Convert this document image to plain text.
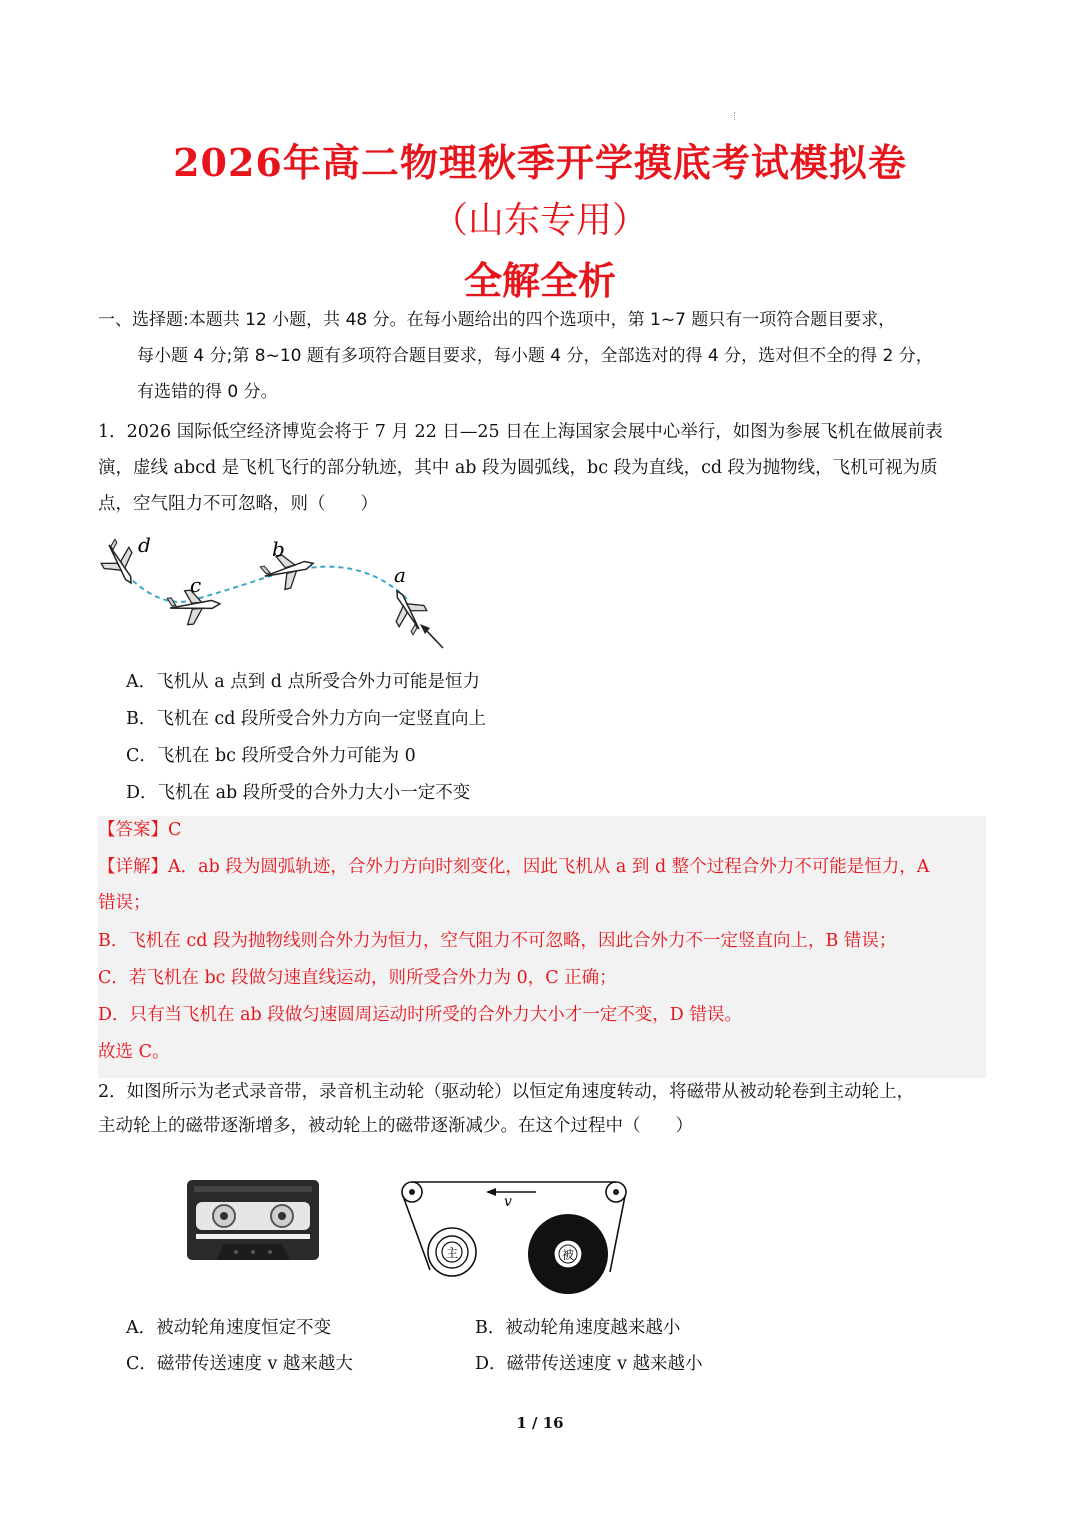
2026年高二物理秋季开学摸底考试模拟卷
（山东专用）
全解全析
一、选择题:本题共 12 小题，共 48 分。在每小题给出的四个选项中，第 1~7 题只有一项符合题目要求，
每小题 4 分;第 8~10 题有多项符合题目要求，每小题 4 分，全部选对的得 4 分，选对但不全的得 2 分，
有选错的得 0 分。
1．2026 国际低空经济博览会将于 7 月 22 日—25 日在上海国家会展中心举行，如图为参展飞机在做展前表
演，虚线 abcd 是飞机飞行的部分轨迹，其中 ab 段为圆弧线，bc 段为直线，cd 段为抛物线，飞机可视为质
点，空气阻力不可忽略，则（　　）
d
c
b
a
A．飞机从 a 点到 d 点所受合外力可能是恒力
B．飞机在 cd 段所受合外力方向一定竖直向上
C．飞机在 bc 段所受合外力可能为 0
D．飞机在 ab 段所受的合外力大小一定不变
【答案】C
【详解】A．ab 段为圆弧轨迹，合外力方向时刻变化，因此飞机从 a 到 d 整个过程合外力不可能是恒力，A
错误；
B．飞机在 cd 段为抛物线则合外力为恒力，空气阻力不可忽略，因此合外力不一定竖直向上，B 错误；
C．若飞机在 bc 段做匀速直线运动，则所受合外力为 0，C 正确；
D．只有当飞机在 ab 段做匀速圆周运动时所受的合外力大小才一定不变，D 错误。
故选 C。
2．如图所示为老式录音带，录音机主动轮（驱动轮）以恒定角速度转动，将磁带从被动轮卷到主动轮上，
主动轮上的磁带逐渐增多，被动轮上的磁带逐渐减少。在这个过程中（　　）
v
主	被
A．被动轮角速度恒定不变	B．被动轮角速度越来越小
C．磁带传送速度 v 越来越大	D．磁带传送速度 v 越来越小
1 / 16
